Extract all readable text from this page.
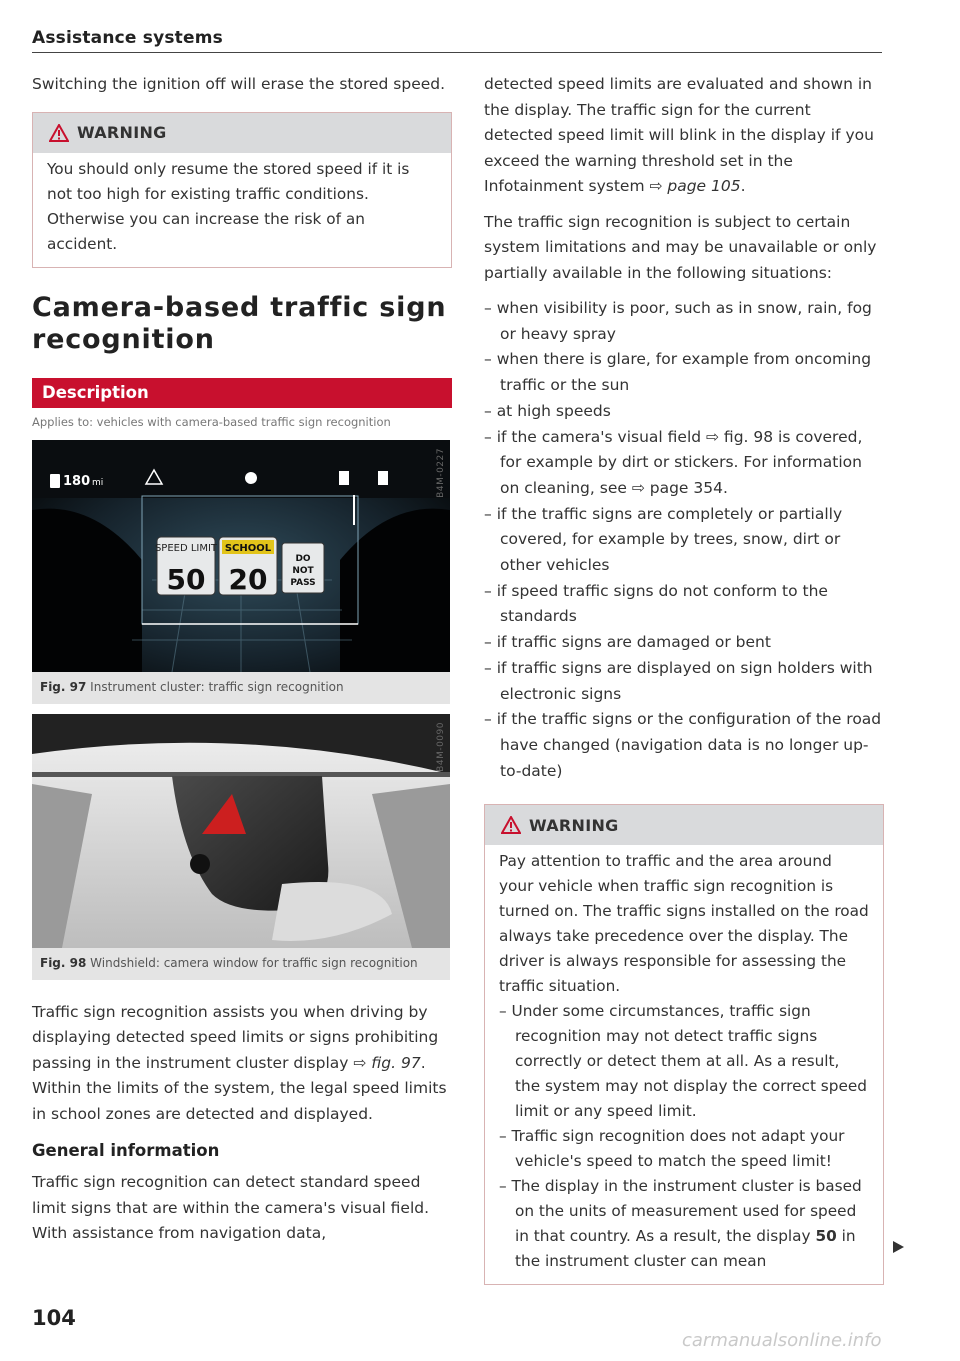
Assistance systems

Switching the ignition off will erase the stored speed.

WARNING
You should only resume the stored speed if it is not too high for existing traffic conditions. Otherwise you can increase the risk of an accident.
Camera-based traffic sign recognition
Description
Applies to: vehicles with camera-based traffic sign recognition
180 mi
SPEED LIMIT
50
SCHOOL
20
DO
NOT
PASS
B4M-0227
Fig. 97 Instrument cluster: traffic sign recognition
B4M-0090
Fig. 98 Windshield: camera window for traffic sign recognition

Traffic sign recognition assists you when driving by displaying detected speed limits or signs prohibiting passing in the instrument cluster display ⇨ fig. 97. Within the limits of the system, the legal speed limits in school zones are detected and displayed.

General information

Traffic sign recognition can detect standard speed limit signs that are within the camera's visual field. With assistance from navigation data,

detected speed limits are evaluated and shown in the display. The traffic sign for the current detected speed limit will blink in the display if you exceed the warning threshold set in the Infotainment system ⇨ page 105.

The traffic sign recognition is subject to certain system limitations and may be unavailable or only partially available in the following situations:

– when visibility is poor, such as in snow, rain, fog or heavy spray
– when there is glare, for example from oncoming traffic or the sun
– at high speeds
– if the camera's visual field ⇨ fig. 98 is covered, for example by dirt or stickers. For information on cleaning, see ⇨ page 354.
– if the traffic signs are completely or partially covered, for example by trees, snow, dirt or other vehicles
– if speed traffic signs do not conform to the standards
– if traffic signs are damaged or bent
– if traffic signs are displayed on sign holders with electronic signs
– if the traffic signs or the configuration of the road have changed (navigation data is no longer up-to-date)
WARNING
Pay attention to traffic and the area around your vehicle when traffic sign recognition is turned on. The traffic signs installed on the road always take precedence over the display. The driver is always responsible for assessing the traffic situation.
– Under some circumstances, traffic sign recognition may not detect traffic signs correctly or detect them at all. As a result, the system may not display the correct speed limit or any speed limit.
– Traffic sign recognition does not adapt your vehicle's speed to match the speed limit!
– The display in the instrument cluster is based on the units of measurement used for speed in that country. As a result, the display 50 in the instrument cluster can mean
104
carmanualsonline.info
